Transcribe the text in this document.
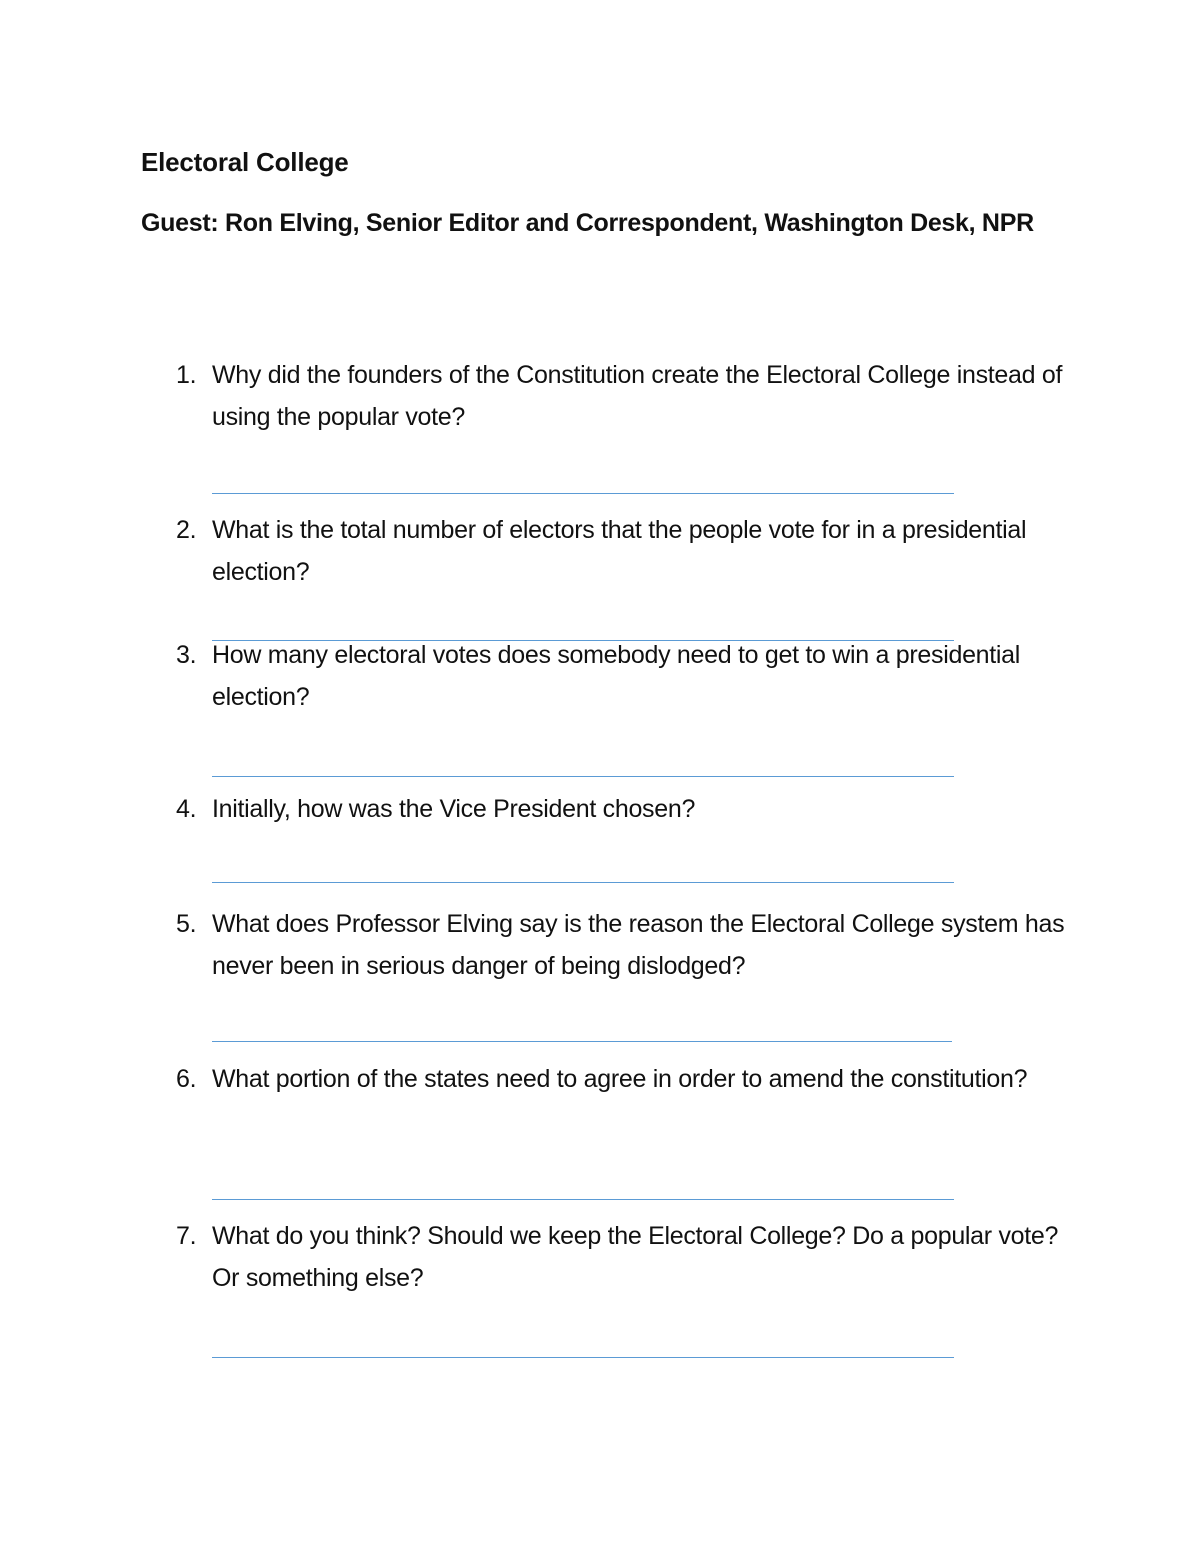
Electoral College

Guest: Ron Elving, Senior Editor and Correspondent, Washington Desk, NPR

1. Why did the founders of the Constitution create the Electoral College instead of using the popular vote?
2. What is the total number of electors that the people vote for in a presidential election?
3. How many electoral votes does somebody need to get to win a presidential election?
4. Initially, how was the Vice President chosen?
5. What does Professor Elving say is the reason the Electoral College system has never been in serious danger of being dislodged?
6. What portion of the states need to agree in order to amend the constitution?
7. What do you think? Should we keep the Electoral College? Do a popular vote? Or something else?
